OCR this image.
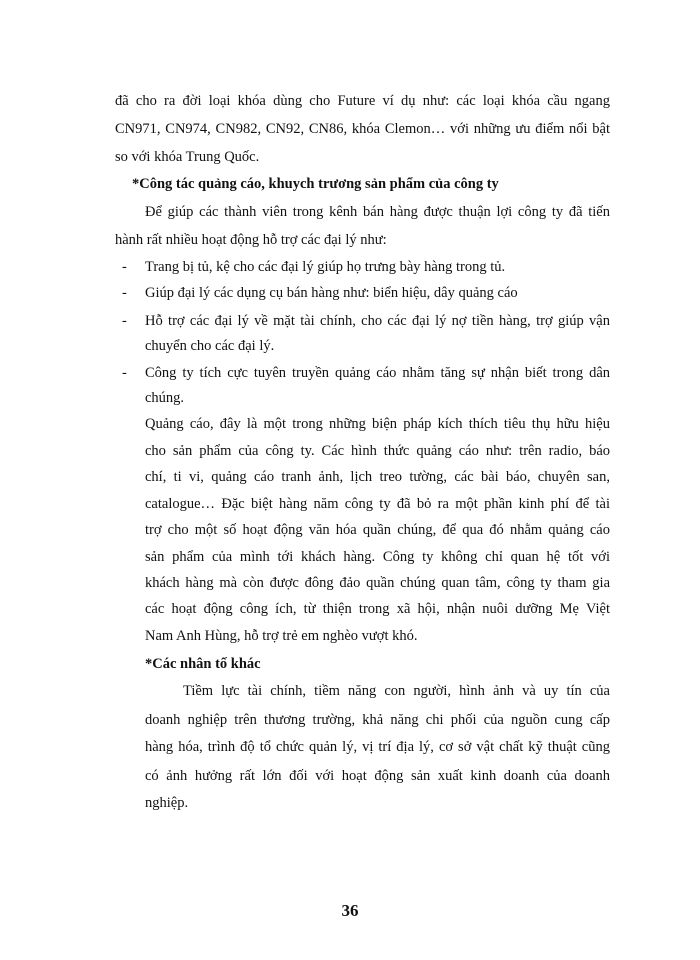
đã cho ra đời loại khóa dùng cho Future ví dụ như: các loại khóa cầu ngang
CN971, CN974, CN982, CN92, CN86, khóa Clemon… với những ưu điểm nổi bật
so với khóa Trung Quốc.
*Công tác quảng cáo, khuych trương sản phẩm của công ty
Để giúp các thành viên trong kênh bán hàng được thuận lợi công ty đã tiến
hành rất nhiều hoạt động hỗ trợ các đại lý như:
- Trang bị tủ, kệ cho các đại lý giúp họ trưng bày hàng trong tủ.
- Giúp đại lý các dụng cụ bán hàng như: biển hiệu, dây quảng cáo
- Hỗ trợ các đại lý về mặt tài chính, cho các đại lý nợ tiền hàng, trợ giúp vận
chuyển cho các đại lý.
- Công ty tích cực tuyên truyền quảng cáo nhằm tăng sự nhận biết trong dân
chúng.
Quảng cáo, đây là một trong những biện pháp kích thích tiêu thụ hữu hiệu
cho sản phẩm của công ty. Các hình thức quảng cáo như: trên radio, báo
chí, ti vi, quảng cáo tranh ảnh, lịch treo tường, các bài báo, chuyên san,
catalogue… Đặc biệt hàng năm công ty đã bỏ ra một phần kinh phí để tài
trợ cho một số hoạt động văn hóa quần chúng, để qua đó nhằm quảng cáo
sản phẩm của mình tới khách hàng. Công ty không chỉ quan hệ tốt với
khách hàng mà còn được đông đảo quần chúng quan tâm, công ty tham gia
các hoạt động công ích, từ thiện trong xã hội, nhận nuôi dưỡng Mẹ Việt
Nam Anh Hùng, hỗ trợ trẻ em nghèo vượt khó.
*Các nhân tố khác
Tiềm lực tài chính, tiềm năng con người, hình ảnh và uy tín của
doanh nghiệp trên thương trường, khả năng chi phối của nguồn cung cấp
hàng hóa, trình độ tổ chức quản lý, vị trí địa lý, cơ sở vật chất kỹ thuật cũng
có ảnh hưởng rất lớn đối với hoạt động sản xuất kinh doanh của doanh
nghiệp.
36
